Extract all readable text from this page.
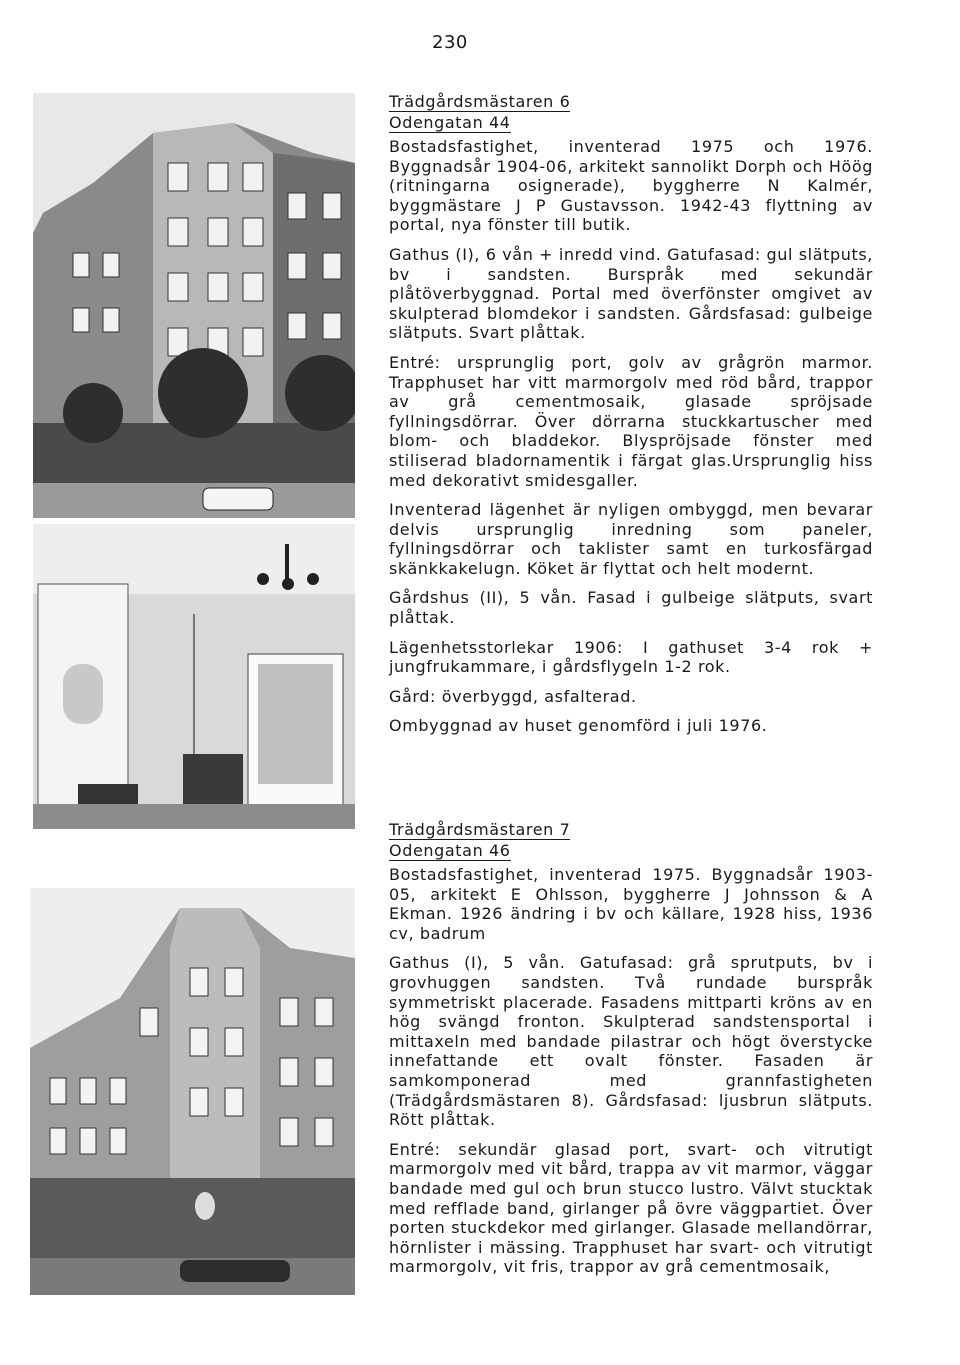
230
Trädgårdsmästaren 6
Odengatan 44

Bostadsfastighet, inventerad 1975 och 1976. Byggnadsår 1904-06, arkitekt sannolikt Dorph och Höög (ritningarna osignerade), byggherre N Kalmér, byggmästare J P Gustavsson. 1942-43 flyttning av portal, nya fönster till butik.

Gathus (I), 6 vån + inredd vind. Gatufasad: gul slätputs, bv i sandsten. Burspråk med sekundär plåtöverbyggnad. Portal med överfönster omgivet av skulpterad blomdekor i sandsten. Gårdsfasad: gulbeige slätputs. Svart plåttak.

Entré: ursprunglig port, golv av grågrön marmor. Trapphuset har vitt marmorgolv med röd bård, trappor av grå cementmosaik, glasade spröjsade fyllningsdörrar. Över dörrarna stuckkartuscher med blom- och bladdekor. Blyspröjsade fönster med stiliserad bladornamentik i färgat glas.Ursprunglig hiss med dekorativt smidesgaller.

Inventerad lägenhet är nyligen ombyggd, men bevarar delvis ursprunglig inredning som paneler, fyllningsdörrar och taklister samt en turkosfärgad skänkkakelugn. Köket är flyttat och helt modernt.

Gårdshus (II), 5 vån. Fasad i gulbeige slätputs, svart plåttak.

Lägenhetsstorlekar 1906: I gathuset 3-4 rok + jungfrukammare, i gårdsflygeln 1-2 rok.

Gård: överbyggd, asfalterad.

Ombyggnad av huset genomförd i juli 1976.

Trädgårdsmästaren 7
Odengatan 46

Bostadsfastighet, inventerad 1975. Byggnadsår 1903-05, arkitekt E Ohlsson, byggherre J Johnsson & A Ekman. 1926 ändring i bv och källare, 1928 hiss, 1936 cv, badrum

Gathus (I), 5 vån. Gatufasad: grå sprutputs, bv i grovhuggen sandsten. Två rundade burspråk symmetriskt placerade. Fasadens mittparti kröns av en hög svängd fronton. Skulpterad sandstensportal i mittaxeln med bandade pilastrar och högt överstycke innefattande ett ovalt fönster. Fasaden är samkomponerad med grannfastigheten (Trädgårdsmästaren 8). Gårdsfasad: ljusbrun slätputs. Rött plåttak.

Entré: sekundär glasad port, svart- och vitrutigt marmorgolv med vit bård, trappa av vit marmor, väggar bandade med gul och brun stucco lustro. Välvt stucktak med refflade band, girlanger på övre väggpartiet. Över porten stuckdekor med girlanger. Glasade mellandörrar, hörnlister i mässing. Trapphuset har svart- och vitrutigt marmorgolv, vit fris, trappor av grå cementmosaik,
